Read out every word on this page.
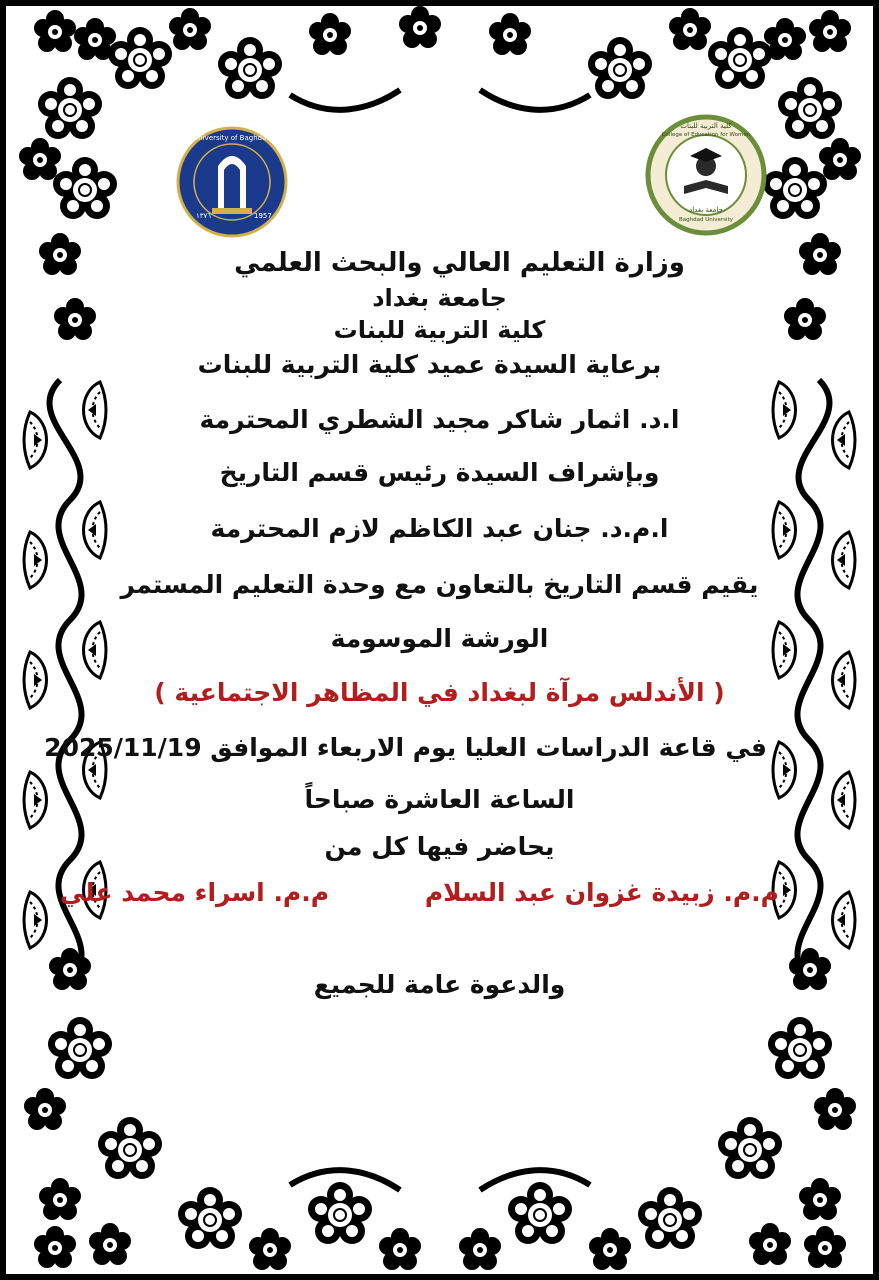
University of Baghdad
١٣٧٦	1957
كلية التربية للبنات
College of Education for Women
جامعة بغداد
Baghdad University
وزارة التعليم العالي والبحث العلمي
جامعة بغداد
كلية التربية للبنات
برعاية السيدة عميد كلية التربية للبنات
ا.د. اثمار شاكر مجيد الشطري المحترمة
وبإشراف السيدة رئيس قسم التاريخ
ا.م.د. جنان عبد الكاظم لازم المحترمة
يقيم قسم التاريخ بالتعاون مع وحدة التعليم المستمر
الورشة الموسومة
( الأندلس مرآة لبغداد في المظاهر الاجتماعية )
في قاعة الدراسات العليا يوم الاربعاء الموافق 2025/11/19
الساعة العاشرة صباحاً
يحاضر فيها كل من
م.م. زبيدة غزوان عبد السلام
م.م. اسراء محمد علي
والدعوة عامة للجميع
